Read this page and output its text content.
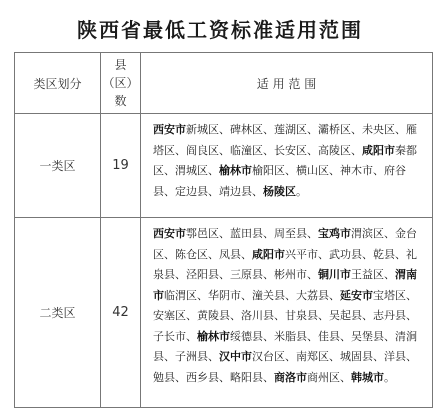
陕西省最低工资标准适用范围
类区划分	县
（区）
数	适 用 范 围
一类区	19	西安市新城区、碑林区、莲湖区、灞桥区、未央区、雁塔区、阎良区、临潼区、长安区、高陵区、咸阳市秦都区、渭城区、榆林市榆阳区、横山区、神木市、府谷县、定边县、靖边县、杨陵区。
二类区	42	西安市鄠邑区、蓝田县、周至县、宝鸡市渭滨区、金台区、陈仓区、凤县、咸阳市兴平市、武功县、乾县、礼泉县、泾阳县、三原县、彬州市、铜川市王益区、渭南市临渭区、华阴市、潼关县、大荔县、延安市宝塔区、安塞区、黄陵县、洛川县、甘泉县、吴起县、志丹县、子长市、榆林市绥德县、米脂县、佳县、吴堡县、清涧县、子洲县、汉中市汉台区、南郑区、城固县、洋县、勉县、西乡县、略阳县、商洛市商州区、韩城市。
